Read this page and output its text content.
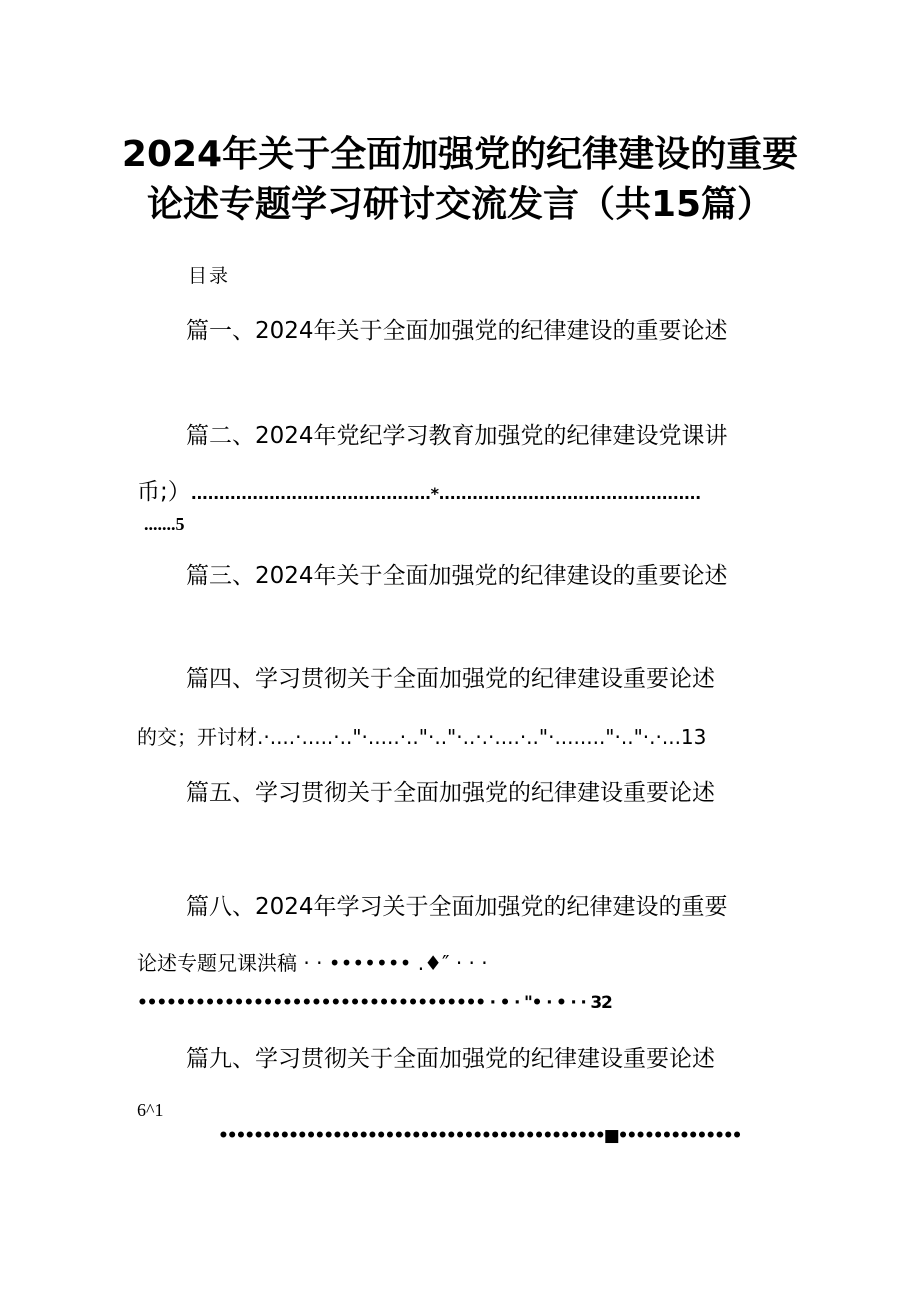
2024年关于全面加强党的纪律建设的重要
论述专题学习研讨交流发言（共15篇）
目录
篇一、2024年关于全面加强党的纪律建设的重要论述
篇二、2024年党纪学习教育加强党的纪律建设党课讲
币;）...........................................*...............................................
.......5
篇三、2024年关于全面加强党的纪律建设的重要论述
篇四、学习贯彻关于全面加强党的纪律建设重要论述
的交；开讨材.·....·.....·.."·.....·.."·.."·..·.·....·.."·........"·.."·.·...13
篇五、学习贯彻关于全面加强党的纪律建设重要论述
篇八、2024年学习关于全面加强党的纪律建设的重要
论述专题兄课洪稿 · · ••••••• .♦″ · · ·
•••••••••••••••••••••••••••••••••••• · • · "• · • · · 32
篇九、学习贯彻关于全面加强党的纪律建设重要论述
6^1
••••••••••••••••••••••••••••••••••••••••••••■••••••••••••••
